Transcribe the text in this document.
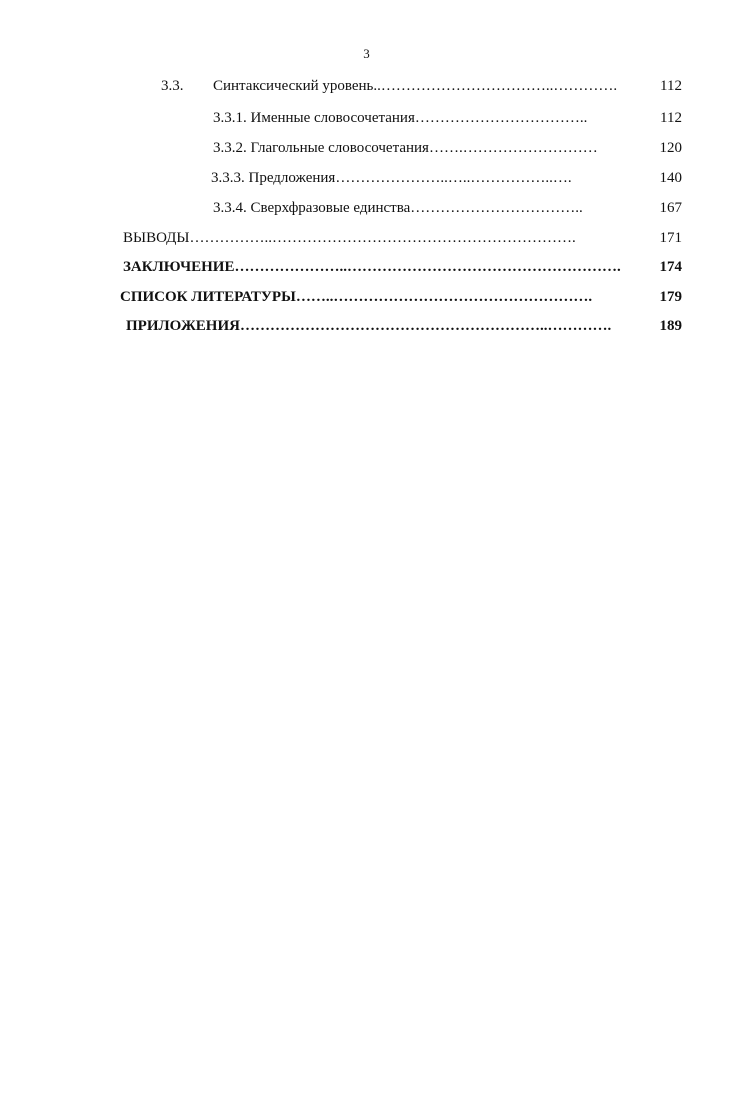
3
3.3. Синтаксический уровень..……………………………..………….	112
3.3.1. Именные словосочетания……………………………..	112
3.3.2. Глагольные словосочетания…….………………………	120
3.3.3. Предложения…………………..…..……………..….	140
3.3.4. Сверхфразовые единства……………………………..	167
ВЫВОДЫ……………..…………………………………………………….	171
ЗАКЛЮЧЕНИЕ…………………..……………………………………………….	174
СПИСОК ЛИТЕРАТУРЫ……..…………………………………………….	179
ПРИЛОЖЕНИЯ……………………………………………………..………….	189
